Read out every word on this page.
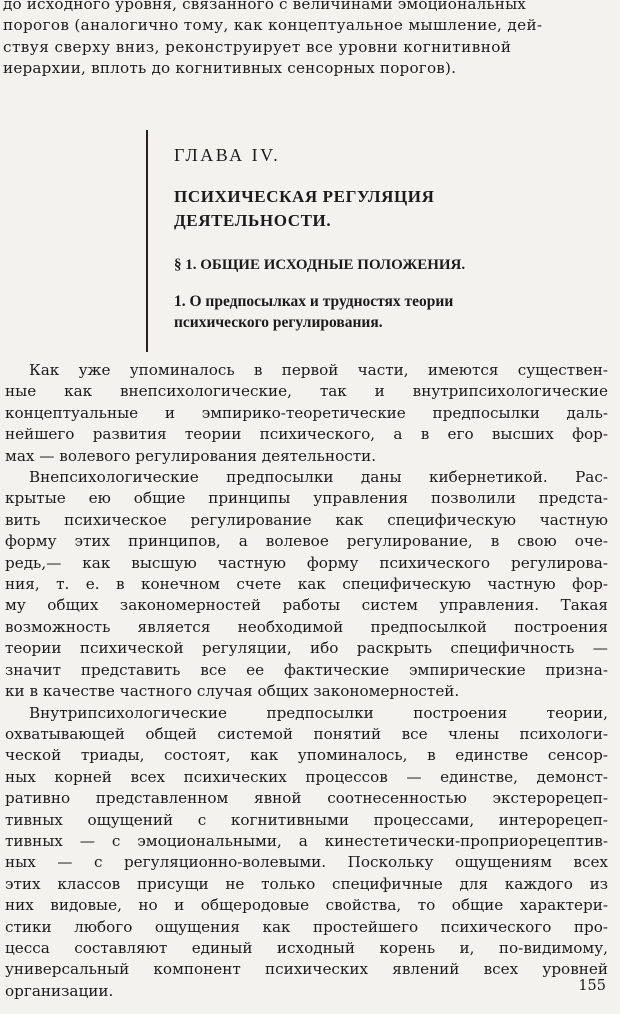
до исходного уровня, связанного с величинами эмоциональных
порогов (аналогично тому, как концептуальное мышление, дей-
ствуя сверху вниз, реконструирует все уровни когнитивной
иерархии, вплоть до когнитивных сенсорных порогов).
ГЛАВА IV.
ПСИХИЧЕСКАЯ РЕГУЛЯЦИЯ
ДЕЯТЕЛЬНОСТИ.
§ 1. ОБЩИЕ ИСХОДНЫЕ ПОЛОЖЕНИЯ.
1. О предпосылках и трудностях теории
психического регулирования.
Как уже упоминалось в первой части, имеются существен-
ные как внепсихологические, так и внутрипсихологические
концептуальные и эмпирико-теоретические предпосылки даль-
нейшего развития теории психического, а в его высших фор-
мах — волевого регулирования деятельности.
Внепсихологические предпосылки даны кибернетикой. Рас-
крытые ею общие принципы управления позволили предста-
вить психическое регулирование как специфическую частную
форму этих принципов, а волевое регулирование, в свою оче-
редь,— как высшую частную форму психического регулирова-
ния, т. е. в конечном счете как специфическую частную фор-
му общих закономерностей работы систем управления. Такая
возможность является необходимой предпосылкой построения
теории психической регуляции, ибо раскрыть специфичность —
значит представить все ее фактические эмпирические призна-
ки в качестве частного случая общих закономерностей.
Внутрипсихологические предпосылки построения теории,
охватывающей общей системой понятий все члены психологи-
ческой триады, состоят, как упоминалось, в единстве сенсор-
ных корней всех психических процессов — единстве, демонст-
ративно представленном явной соотнесенностью экстерорецеп-
тивных ощущений с когнитивными процессами, интерорецеп-
тивных — с эмоциональными, а кинестетически-проприорецептив-
ных — с регуляционно-волевыми. Поскольку ощущениям всех
этих классов присущи не только специфичные для каждого из
них видовые, но и общеродовые свойства, то общие характери-
стики любого ощущения как простейшего психического про-
цесса составляют единый исходный корень и, по-видимому,
универсальный компонент психических явлений всех уровней
организации.	155
